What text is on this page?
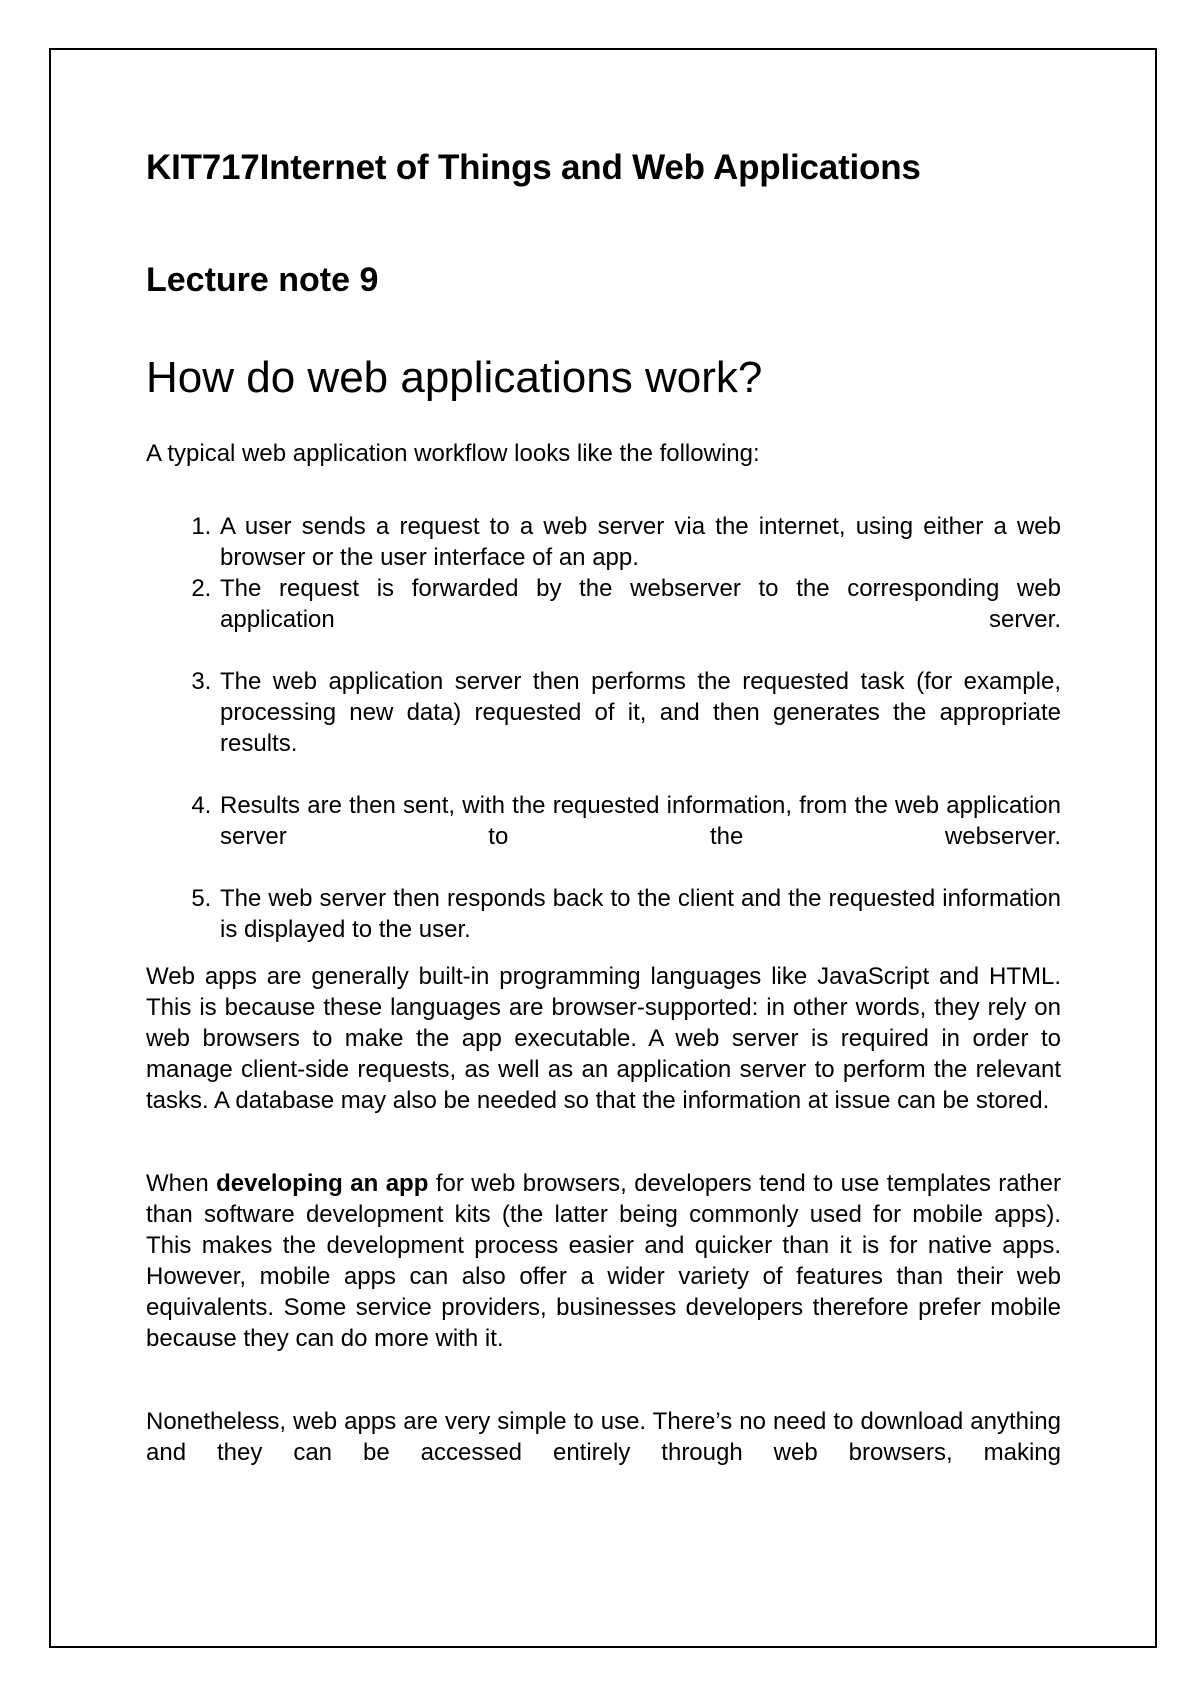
KIT717Internet of Things and Web Applications
Lecture note 9
How do web applications work?

A typical web application workflow looks like the following:

1. A user sends a request to a web server via the internet, using either a web browser or the user interface of an app.
2. The request is forwarded by the webserver to the corresponding web application server.
3. The web application server then performs the requested task (for example, processing new data) requested of it, and then generates the appropriate results.
4. Results are then sent, with the requested information, from the web application server to the webserver.
5. The web server then responds back to the client and the requested information is displayed to the user.

Web apps are generally built-in programming languages like JavaScript and HTML. This is because these languages are browser-supported: in other words, they rely on web browsers to make the app executable. A web server is required in order to manage client-side requests, as well as an application server to perform the relevant tasks. A database may also be needed so that the information at issue can be stored.

When developing an app for web browsers, developers tend to use templates rather than software development kits (the latter being commonly used for mobile apps). This makes the development process easier and quicker than it is for native apps. However, mobile apps can also offer a wider variety of features than their web equivalents. Some service providers, businesses developers therefore prefer mobile because they can do more with it.

Nonetheless, web apps are very simple to use. There’s no need to download anything and they can be accessed entirely through web browsers, making
